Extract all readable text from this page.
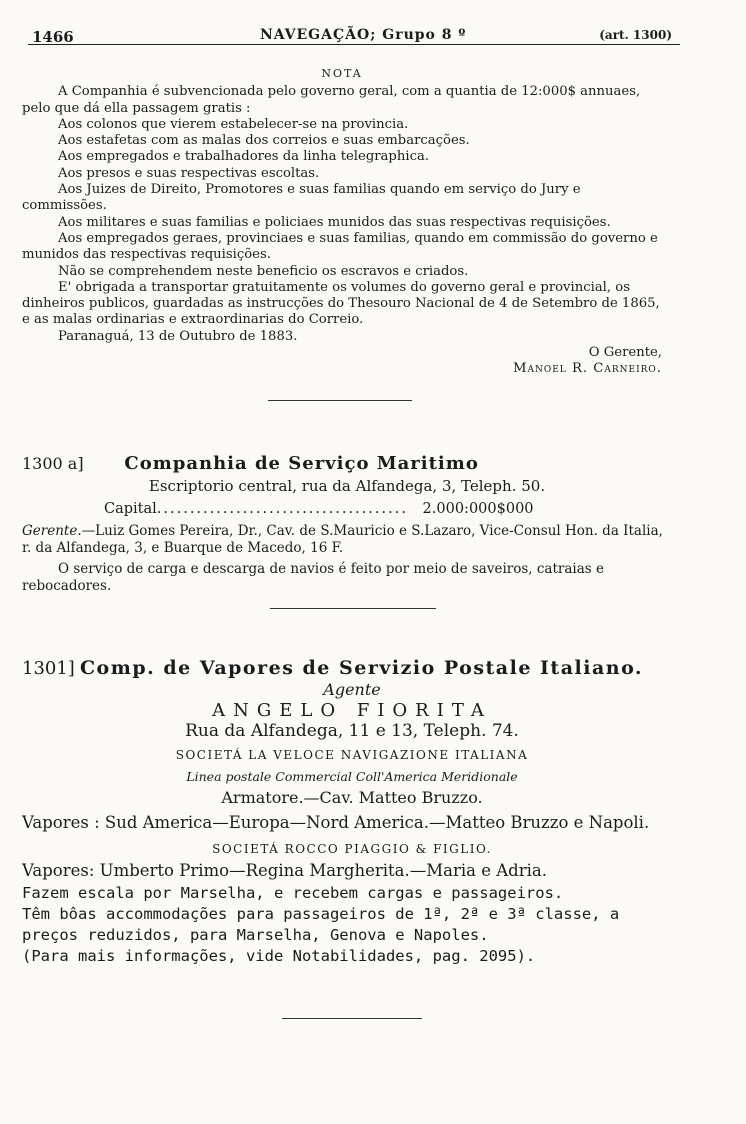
1466	NAVEGAÇÃO; Grupo 8 º	(art. 1300)
NOTA

A Companhia é subvencionada pelo governo geral, com a quantia de 12:000$ annuaes, pelo que dá ella passagem gratis :

Aos colonos que vierem estabelecer-se na provincia.

Aos estafetas com as malas dos correios e suas embarcações.

Aos empregados e trabalhadores da linha telegraphica.

Aos presos e suas respectivas escoltas.

Aos Juizes de Direito, Promotores e suas familias quando em serviço do Jury e commissões.

Aos militares e suas familias e policiaes munidos das suas respectivas requisições.

Aos empregados geraes, provinciaes e suas familias, quando em commissão do governo e munidos das respectivas requisições.

Não se comprehendem neste beneficio os escravos e criados.

E' obrigada a transportar gratuitamente os volumes do governo geral e provincial, os dinheiros publicos, guardadas as instrucções do Thesouro Nacional de 4 de Setembro de 1865, e as malas ordinarias e extraordinarias do Correio.

Paranaguá, 13 de Outubro de 1883.

O Gerente,

Manoel R. Carneiro.

1300 a] Companhia de Serviço Maritimo
Escriptorio central, rua da Alfandega, 3, Teleph. 50.
Capital...................................... 2.000:000$000
Gerente.—Luiz Gomes Pereira, Dr., Cav. de S.Mauricio e S.Lazaro, Vice-Consul Hon. da Italia, r. da Alfandega, 3, e Buarque de Macedo, 16 F.
O serviço de carga e descarga de navios é feito por meio de saveiros, catraias e rebocadores.
1301] Comp. de Vapores de Servizio Postale Italiano.
Agente
ANGELO FIORITA
Rua da Alfandega, 11 e 13, Teleph. 74.
SOCIETÁ LA VELOCE NAVIGAZIONE ITALIANA
Linea postale Commercial Coll'America Meridionale
Armatore.—Cav. Matteo Bruzzo.
Vapores : Sud America—Europa—Nord America.—Matteo Bruzzo e Napoli.
SOCIETÁ ROCCO PIAGGIO & FIGLIO.
Vapores: Umberto Primo—Regina Margherita.—Maria e Adria.
Fazem escala por Marselha, e recebem cargas e passageiros.
Têm bôas accommodações para passageiros de 1ª, 2ª e 3ª classe, a preços reduzidos, para Marselha, Genova e Napoles.
(Para mais informações, vide Notabilidades, pag. 2095).
